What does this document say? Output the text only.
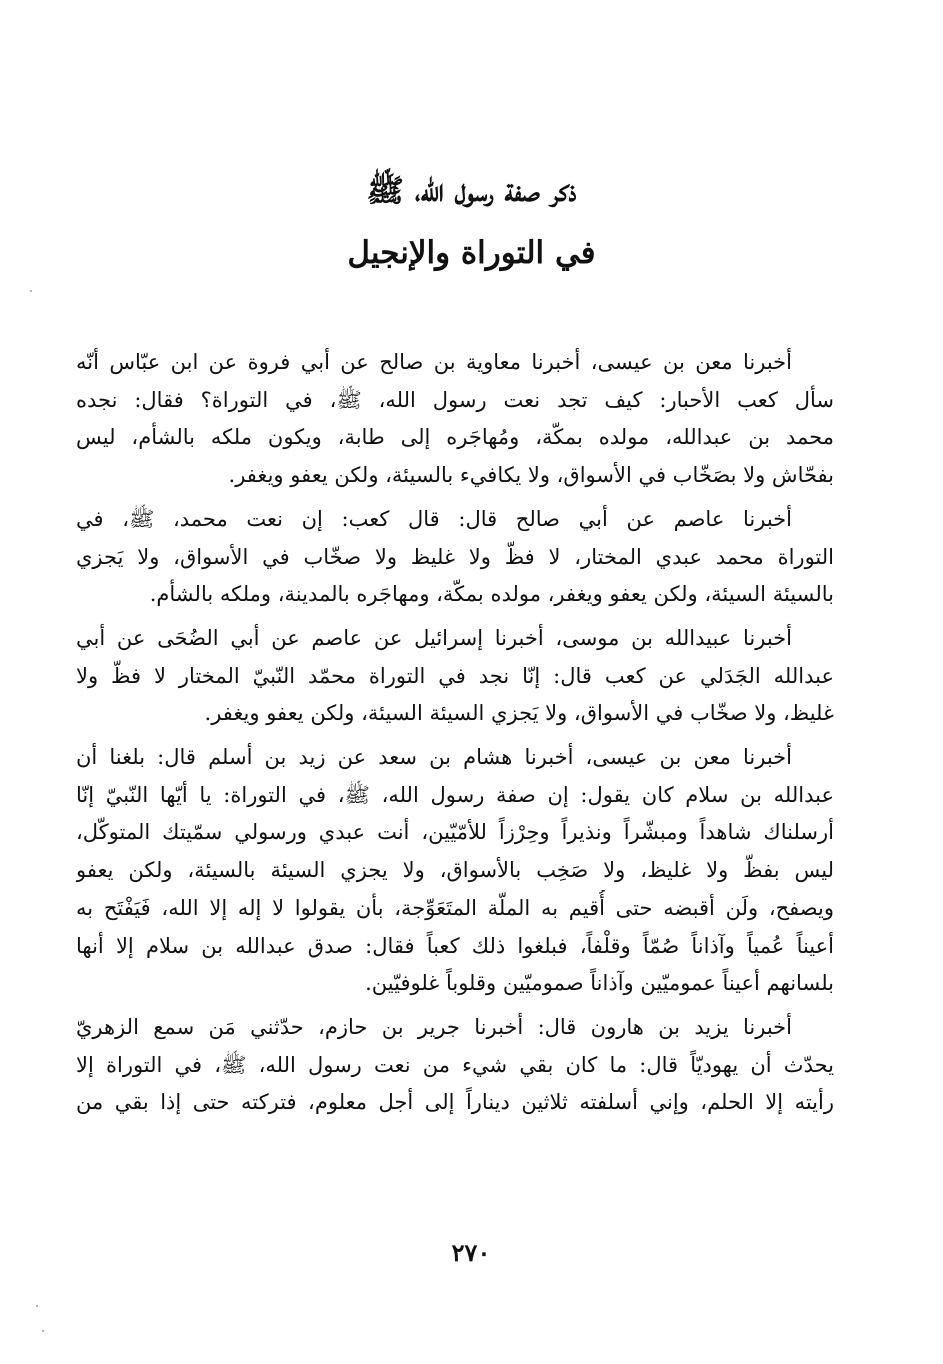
ذكر صفة رسول الله، ﷺ
في التوراة والإنجيل
أخبرنا معن بن عيسى، أخبرنا معاوية بن صالح عن أبي فروة عن ابن عبّاس أنّه
سأل كعب الأحبار: كيف تجد نعت رسول الله، ﷺ، في التوراة؟ فقال: نجده
محمد بن عبدالله، مولده بمكّة، ومُهاجَره إلى طابة، ويكون ملكه بالشأم، ليس
بفحّاش ولا بصَخّاب في الأسواق، ولا يكافيء بالسيئة، ولكن يعفو ويغفر.
أخبرنا عاصم عن أبي صالح قال: قال كعب: إن نعت محمد، ﷺ، في
التوراة محمد عبدي المختار، لا فظّ ولا غليظ ولا صخّاب في الأسواق، ولا يَجزي
بالسيئة السيئة، ولكن يعفو ويغفر، مولده بمكّة، ومهاجَره بالمدينة، وملكه بالشأم.
أخبرنا عبيدالله بن موسى، أخبرنا إسرائيل عن عاصم عن أبي الضُحَى عن أبي
عبدالله الجَدَلي عن كعب قال: إنّا نجد في التوراة محمّد النّبيّ المختار لا فظّ ولا
غليظ، ولا صخّاب في الأسواق، ولا يَجزي السيئة السيئة، ولكن يعفو ويغفر.
أخبرنا معن بن عيسى، أخبرنا هشام بن سعد عن زيد بن أسلم قال: بلغنا أن
عبدالله بن سلام كان يقول: إن صفة رسول الله، ﷺ، في التوراة: يا أيّها النّبيّ إنّا
أرسلناك شاهداً ومبشّراً ونذيراً وحِرْزاً للأمّيّين، أنت عبدي ورسولي سمّيتك المتوكّل،
ليس بفظّ ولا غليظ، ولا صَخِب بالأسواق، ولا يجزي السيئة بالسيئة، ولكن يعفو
ويصفح، ولَن أقبضه حتى أُقيم به الملّة المتَعَوِّجة، بأن يقولوا لا إله إلا الله، فَيَفْتَح به
أعيناً عُمياً وآذاناً صُمّاً وقلْفاً، فبلغوا ذلك كعباً فقال: صدق عبدالله بن سلام إلا أنها
بلسانهم أعيناً عموميّين وآذاناً صموميّين وقلوباً غلوفيّين.
أخبرنا يزيد بن هارون قال: أخبرنا جرير بن حازم، حدّثني مَن سمع الزهريّ
يحدّث أن يهوديّاً قال: ما كان بقي شيء من نعت رسول الله، ﷺ، في التوراة إلا
رأيته إلا الحلم، وإني أسلفته ثلاثين ديناراً إلى أجل معلوم، فتركته حتى إذا بقي من
٢٧٠
